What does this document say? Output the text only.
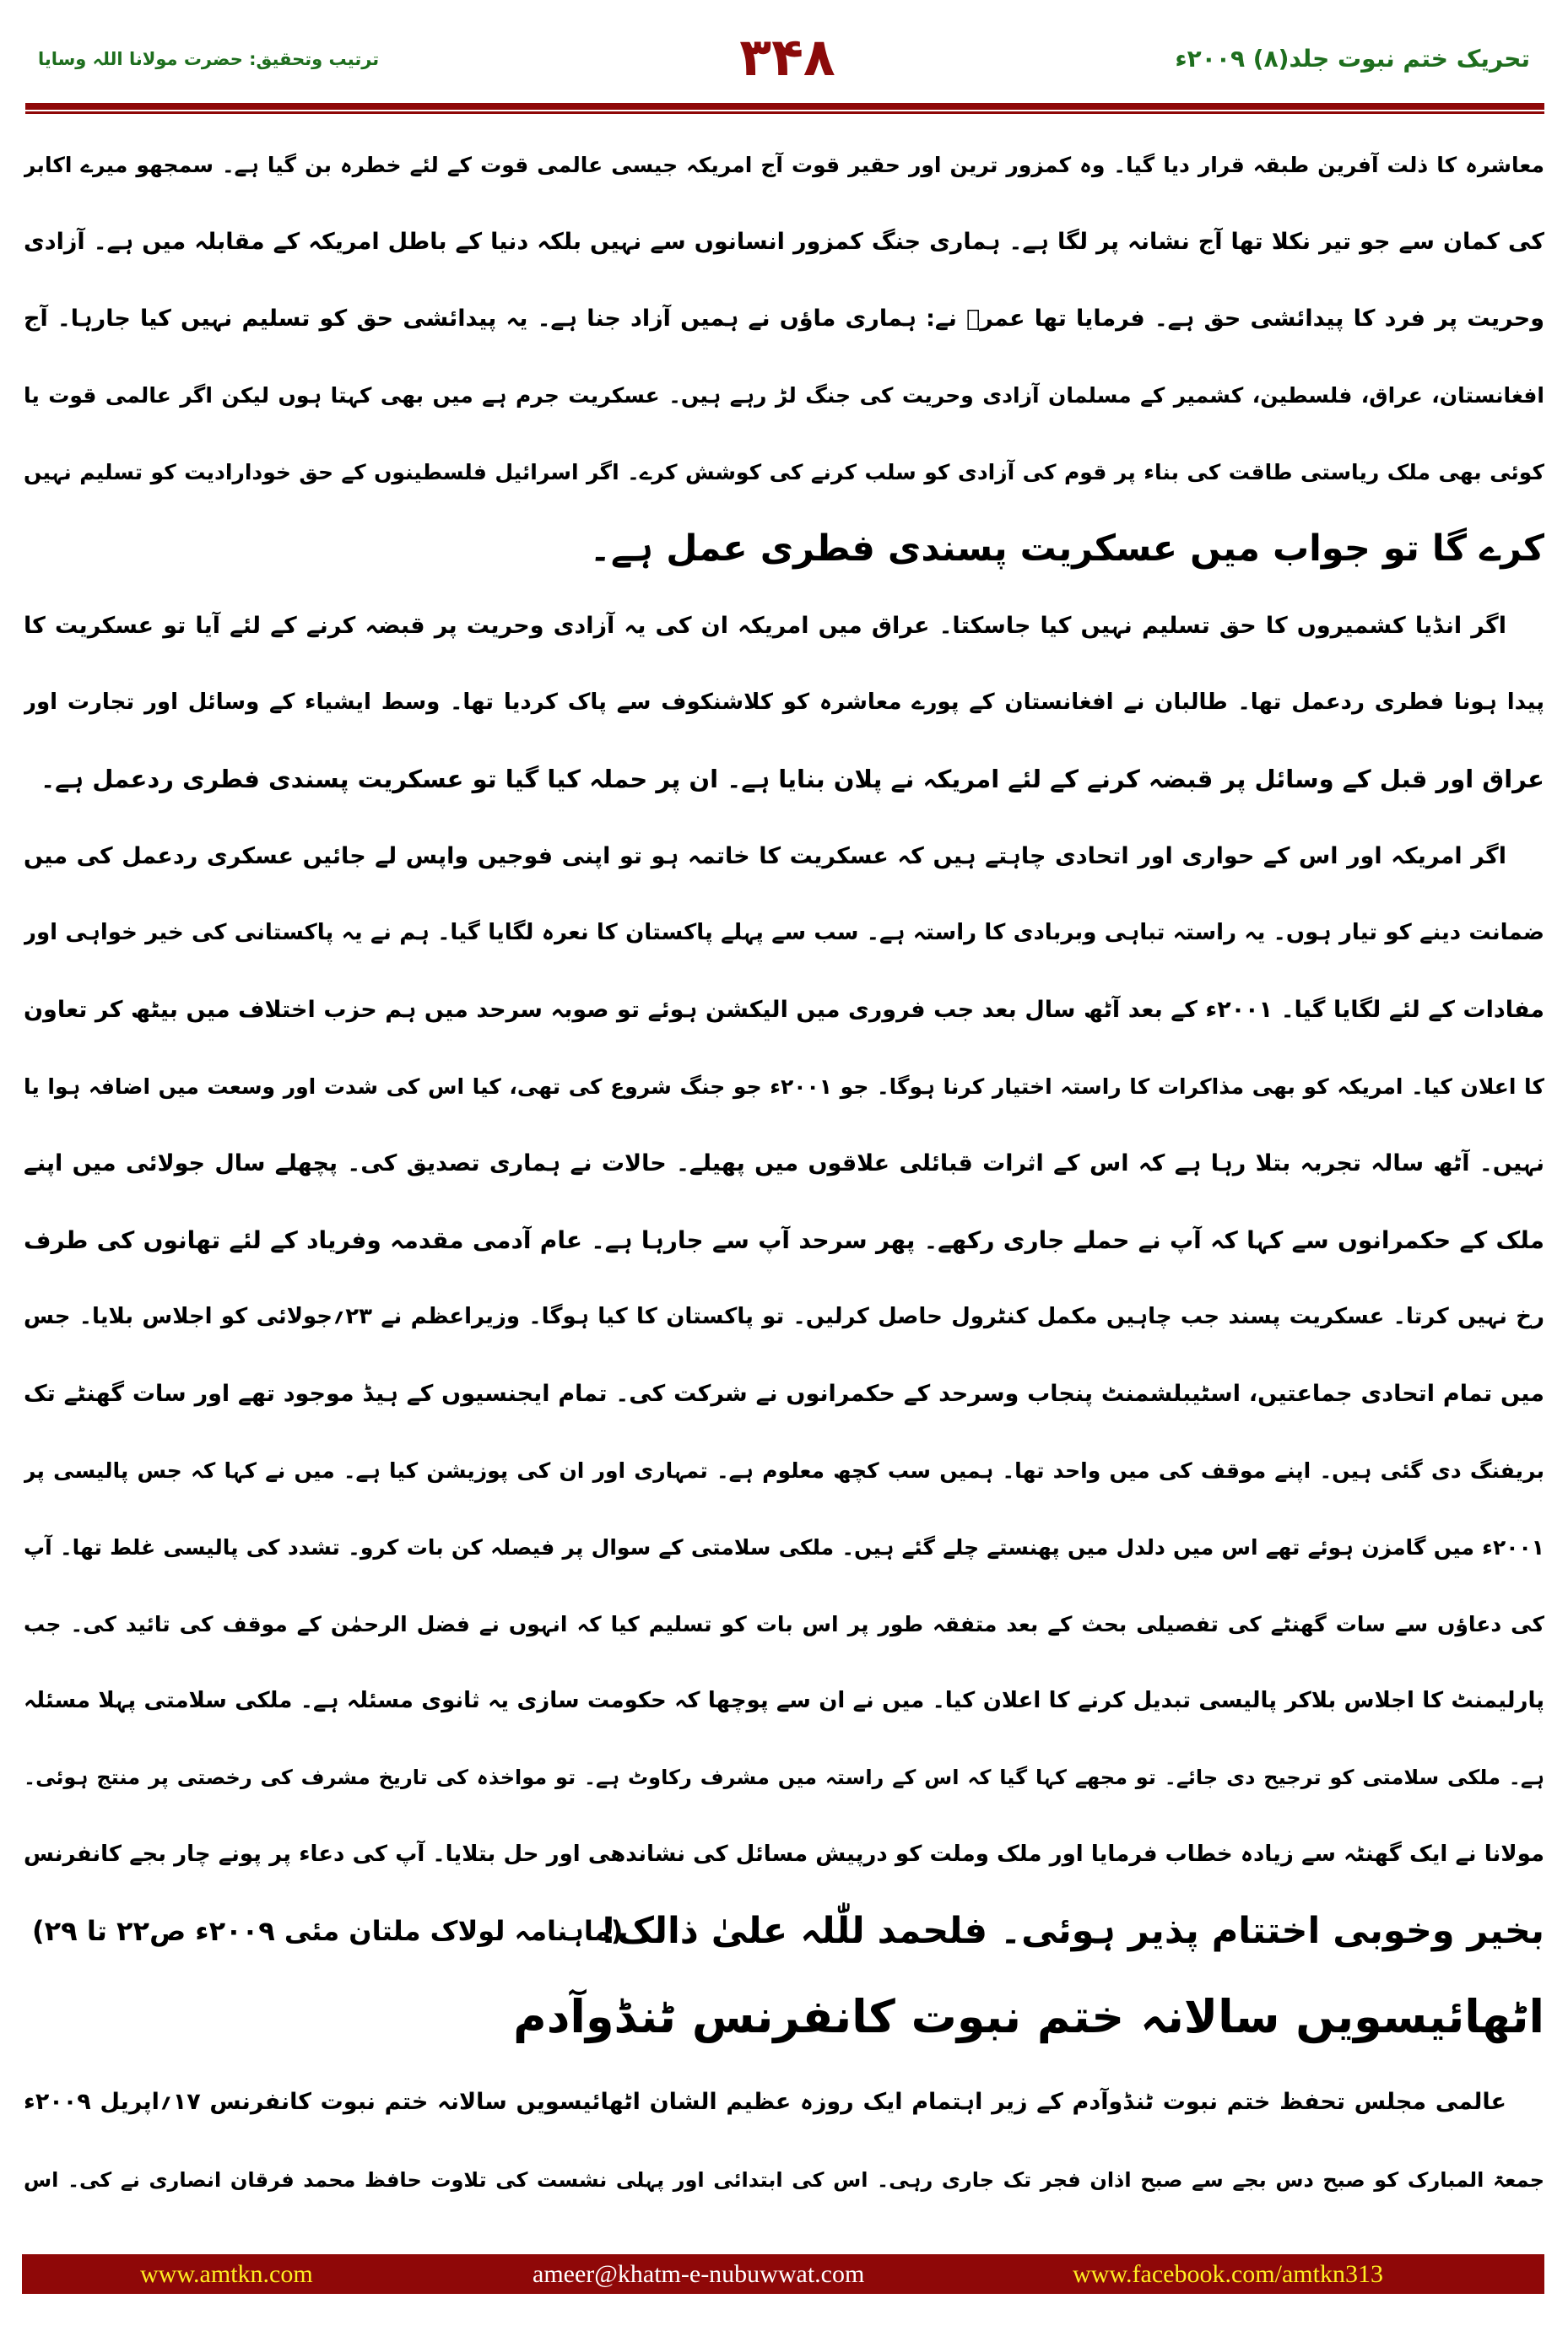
تحریک ختم نبوت جلد(۸) ۲۰۰۹ء
۳۴۸
ترتیب وتحقیق: حضرت مولانا اللہ وسایا
معاشرہ کا ذلت آفرین طبقہ قرار دیا گیا۔ وہ کمزور ترین اور حقیر قوت آج امریکہ جیسی عالمی قوت کے لئے خطرہ بن گیا ہے۔ سمجھو میرے اکابر
کی کمان سے جو تیر نکلا تھا آج نشانہ پر لگا ہے۔ ہماری جنگ کمزور انسانوں سے نہیں بلکہ دنیا کے باطل امریکہ کے مقابلہ میں ہے۔ آزادی
وحریت پر فرد کا پیدائشی حق ہے۔ فرمایا تھا عمرؓ نے: ہماری ماؤں نے ہمیں آزاد جنا ہے۔ یہ پیدائشی حق کو تسلیم نہیں کیا جارہا۔ آج
افغانستان، عراق، فلسطین، کشمیر کے مسلمان آزادی وحریت کی جنگ لڑ رہے ہیں۔ عسکریت جرم ہے میں بھی کہتا ہوں لیکن اگر عالمی قوت یا
کوئی بھی ملک ریاستی طاقت کی بناء پر قوم کی آزادی کو سلب کرنے کی کوشش کرے۔ اگر اسرائیل فلسطینوں کے حق خودارادیت کو تسلیم نہیں
کرے گا تو جواب میں عسکریت پسندی فطری عمل ہے۔
اگر انڈیا کشمیروں کا حق تسلیم نہیں کیا جاسکتا۔ عراق میں امریکہ ان کی یہ آزادی وحریت پر قبضہ کرنے کے لئے آیا تو عسکریت کا
پیدا ہونا فطری ردعمل تھا۔ طالبان نے افغانستان کے پورے معاشرہ کو کلاشنکوف سے پاک کردیا تھا۔ وسط ایشیاء کے وسائل اور تجارت اور
عراق اور قبل کے وسائل پر قبضہ کرنے کے لئے امریکہ نے پلان بنایا ہے۔ ان پر حملہ کیا گیا تو عسکریت پسندی فطری ردعمل ہے۔
اگر امریکہ اور اس کے حواری اور اتحادی چاہتے ہیں کہ عسکریت کا خاتمہ ہو تو اپنی فوجیں واپس لے جائیں عسکری ردعمل کی میں
ضمانت دینے کو تیار ہوں۔ یہ راستہ تباہی وبربادی کا راستہ ہے۔ سب سے پہلے پاکستان کا نعرہ لگایا گیا۔ ہم نے یہ پاکستانی کی خیر خواہی اور
مفادات کے لئے لگایا گیا۔ ۲۰۰۱ء کے بعد آٹھ سال بعد جب فروری میں الیکشن ہوئے تو صوبہ سرحد میں ہم حزب اختلاف میں بیٹھ کر تعاون
کا اعلان کیا۔ امریکہ کو بھی مذاکرات کا راستہ اختیار کرنا ہوگا۔ جو ۲۰۰۱ء جو جنگ شروع کی تھی، کیا اس کی شدت اور وسعت میں اضافہ ہوا یا
نہیں۔ آٹھ سالہ تجربہ بتلا رہا ہے کہ اس کے اثرات قبائلی علاقوں میں پھیلے۔ حالات نے ہماری تصدیق کی۔ پچھلے سال جولائی میں اپنے
ملک کے حکمرانوں سے کہا کہ آپ نے حملے جاری رکھے۔ پھر سرحد آپ سے جارہا ہے۔ عام آدمی مقدمہ وفریاد کے لئے تھانوں کی طرف
رخ نہیں کرتا۔ عسکریت پسند جب چاہیں مکمل کنٹرول حاصل کرلیں۔ تو پاکستان کا کیا ہوگا۔ وزیراعظم نے ۲۳؍جولائی کو اجلاس بلایا۔ جس
میں تمام اتحادی جماعتیں، اسٹیبلشمنٹ پنجاب وسرحد کے حکمرانوں نے شرکت کی۔ تمام ایجنسیوں کے ہیڈ موجود تھے اور سات گھنٹے تک
بریفنگ دی گئی ہیں۔ اپنے موقف کی میں واحد تھا۔ ہمیں سب کچھ معلوم ہے۔ تمہاری اور ان کی پوزیشن کیا ہے۔ میں نے کہا کہ جس پالیسی پر
۲۰۰۱ء میں گامزن ہوئے تھے اس میں دلدل میں پھنستے چلے گئے ہیں۔ ملکی سلامتی کے سوال پر فیصلہ کن بات کرو۔ تشدد کی پالیسی غلط تھا۔ آپ
کی دعاؤں سے سات گھنٹے کی تفصیلی بحث کے بعد متفقہ طور پر اس بات کو تسلیم کیا کہ انہوں نے فضل الرحمٰن کے موقف کی تائید کی۔ جب
پارلیمنٹ کا اجلاس بلاکر پالیسی تبدیل کرنے کا اعلان کیا۔ میں نے ان سے پوچھا کہ حکومت سازی یہ ثانوی مسئلہ ہے۔ ملکی سلامتی پہلا مسئلہ
ہے۔ ملکی سلامتی کو ترجیح دی جائے۔ تو مجھے کہا گیا کہ اس کے راستہ میں مشرف رکاوٹ ہے۔ تو مواخذہ کی تاریخ مشرف کی رخصتی پر منتج ہوئی۔
مولانا نے ایک گھنٹہ سے زیادہ خطاب فرمایا اور ملک وملت کو درپیش مسائل کی نشاندھی اور حل بتلایا۔ آپ کی دعاء پر پونے چار بجے کانفرنس
بخیر وخوبی اختتام پذیر ہوئی۔ فلحمد للّٰلہ علیٰ ذالک!
(ماہنامہ لولاک ملتان مئی ۲۰۰۹ء ص۲۲ تا ۲۹)
اٹھائیسویں سالانہ ختم نبوت کانفرنس ٹنڈوآدم
عالمی مجلس تحفظ ختم نبوت ٹنڈوآدم کے زیر اہتمام ایک روزہ عظیم الشان اٹھائیسویں سالانہ ختم نبوت کانفرنس ۱۷؍اپریل ۲۰۰۹ء
جمعۃ المبارک کو صبح دس بجے سے صبح اذان فجر تک جاری رہی۔ اس کی ابتدائی اور پہلی نشست کی تلاوت حافظ محمد فرقان انصاری نے کی۔ اس
www.amtkn.com	ameer@khatm-e-nubuwwat.com	www.facebook.com/amtkn313
